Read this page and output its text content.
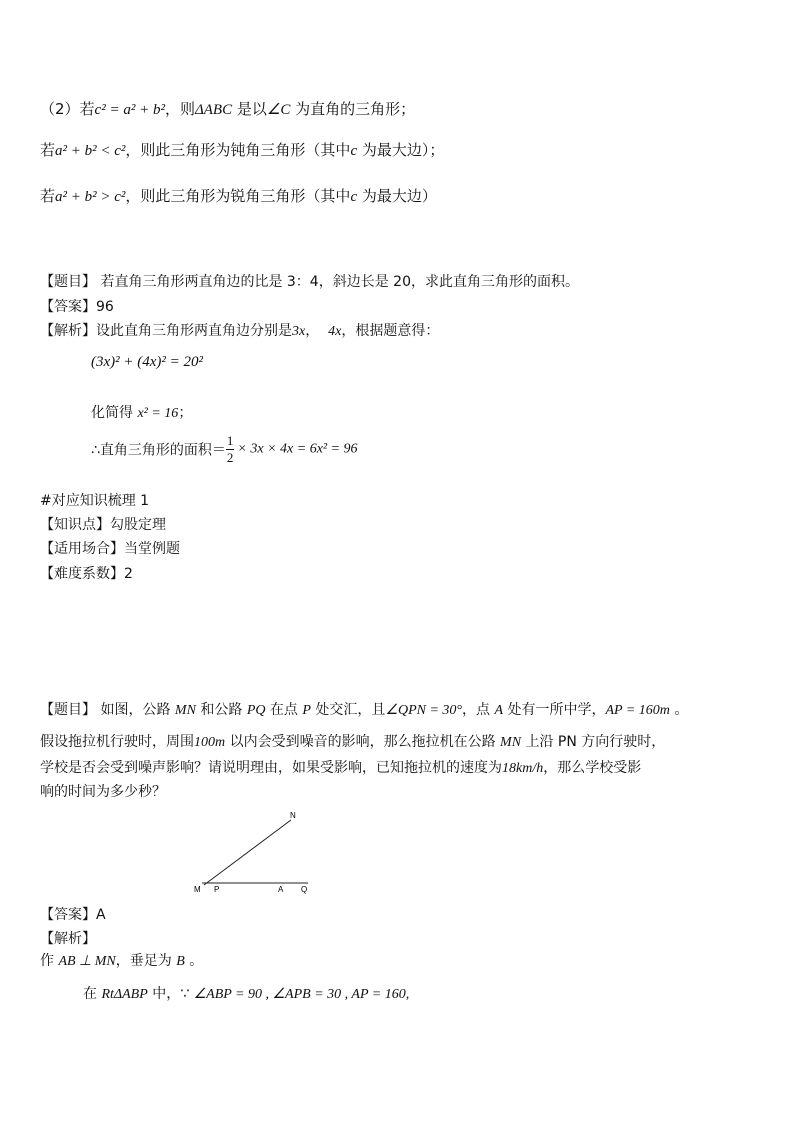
（2）若c² = a² + b²，则ΔABC 是以∠C 为直角的三角形；
若a² + b² < c²，则此三角形为钝角三角形（其中c 为最大边）；
若a² + b² > c²，则此三角形为锐角三角形（其中c 为最大边）
【题目】 若直角三角形两直角边的比是 3：4，斜边长是 20，求此直角三角形的面积。
【答案】96
【解析】设此直角三角形两直角边分别是3x， 4x，根据题意得：
(3x)² + (4x)² = 20²
化简得 x² = 16；
∴直角三角形的面积＝ $\frac{1}{2} \times 3x \times 4x = 6x^2 = 96$
#对应知识梳理 1
【知识点】勾股定理
【适用场合】当堂例题
【难度系数】2
【题目】 如图，公路 MN 和公路 PQ 在点 P 处交汇，且∠QPN = 30°，点 A 处有一所中学，AP = 160m 。
假设拖拉机行驶时，周围100m 以内会受到噪音的影响，那么拖拉机在公路 MN 上沿 PN 方向行驶时，
学校是否会受到噪声影响？请说明理由，如果受影响，已知拖拉机的速度为18km/h，那么学校受影
响的时间为多少秒？
N
M P	A Q
【答案】A
【解析】
作 AB ⊥ MN，垂足为 B 。
在 RtΔABP 中，∵ ∠ABP = 90 , ∠APB = 30 , AP = 160,
